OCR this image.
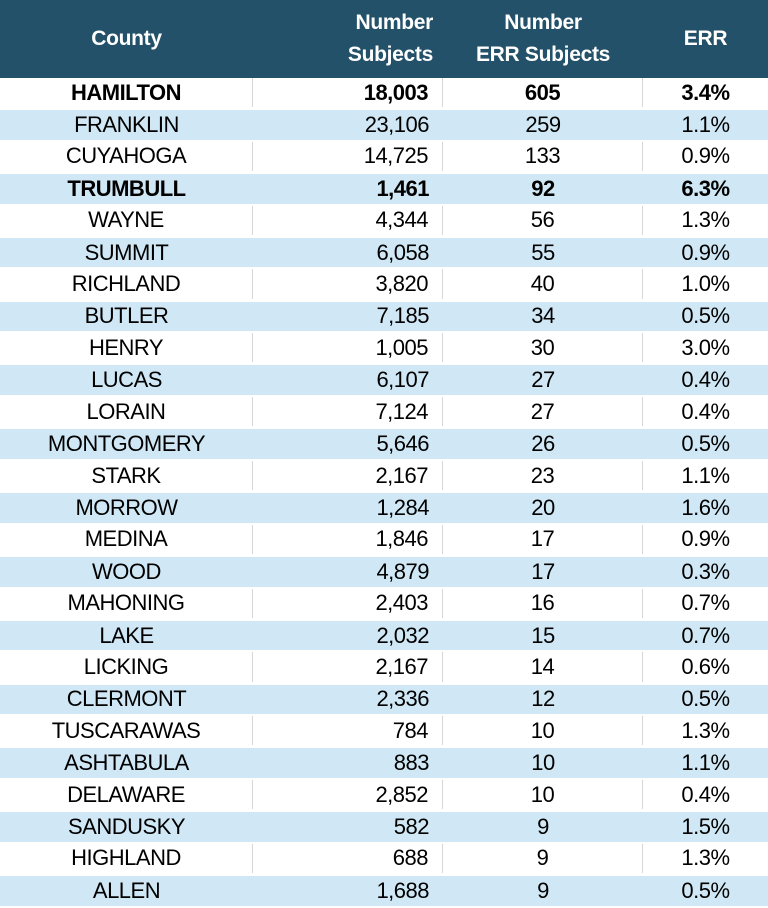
County

Number
Subjects

Number
ERR Subjects

ERR

HAMILTON	18,003	605	3.4%
FRANKLIN	23,106	259	1.1%
CUYAHOGA	14,725	133	0.9%
TRUMBULL	1,461	92	6.3%
WAYNE	4,344	56	1.3%
SUMMIT	6,058	55	0.9%
RICHLAND	3,820	40	1.0%
BUTLER	7,185	34	0.5%
HENRY	1,005	30	3.0%
LUCAS	6,107	27	0.4%
LORAIN	7,124	27	0.4%
MONTGOMERY	5,646	26	0.5%
STARK	2,167	23	1.1%
MORROW	1,284	20	1.6%
MEDINA	1,846	17	0.9%
WOOD	4,879	17	0.3%
MAHONING	2,403	16	0.7%
LAKE	2,032	15	0.7%
LICKING	2,167	14	0.6%
CLERMONT	2,336	12	0.5%
TUSCARAWAS	784	10	1.3%
ASHTABULA	883	10	1.1%
DELAWARE	2,852	10	0.4%
SANDUSKY	582	9	1.5%
HIGHLAND	688	9	1.3%
ALLEN	1,688	9	0.5%
